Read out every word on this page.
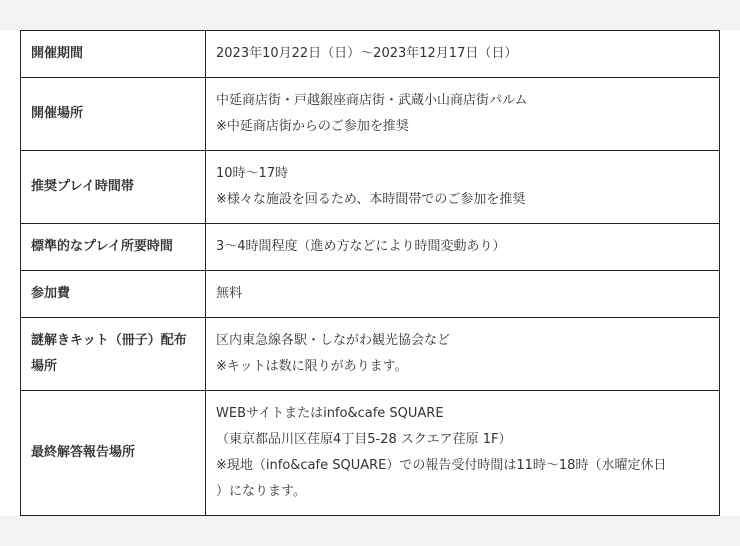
開催期間	2023年10月22日（日）〜2023年12月17日（日）

開催場所	中延商店街・戸越銀座商店街・武蔵小山商店街パルム
※中延商店街からのご参加を推奨

推奨プレイ時間帯	10時〜17時
※様々な施設を回るため、本時間帯でのご参加を推奨

標準的なプレイ所要時間	3〜4時間程度（進め方などにより時間変動あり）

参加費	無料

謎解きキット（冊子）配布場所	区内東急線各駅・しながわ観光協会など
※キットは数に限りがあります。

最終解答報告場所	WEBサイトまたはinfo&cafe SQUARE
（東京都品川区荏原4丁目5-28 スクエア荏原 1F）
※現地（info&cafe SQUARE）での報告受付時間は11時〜18時（水曜定休日
）になります。
